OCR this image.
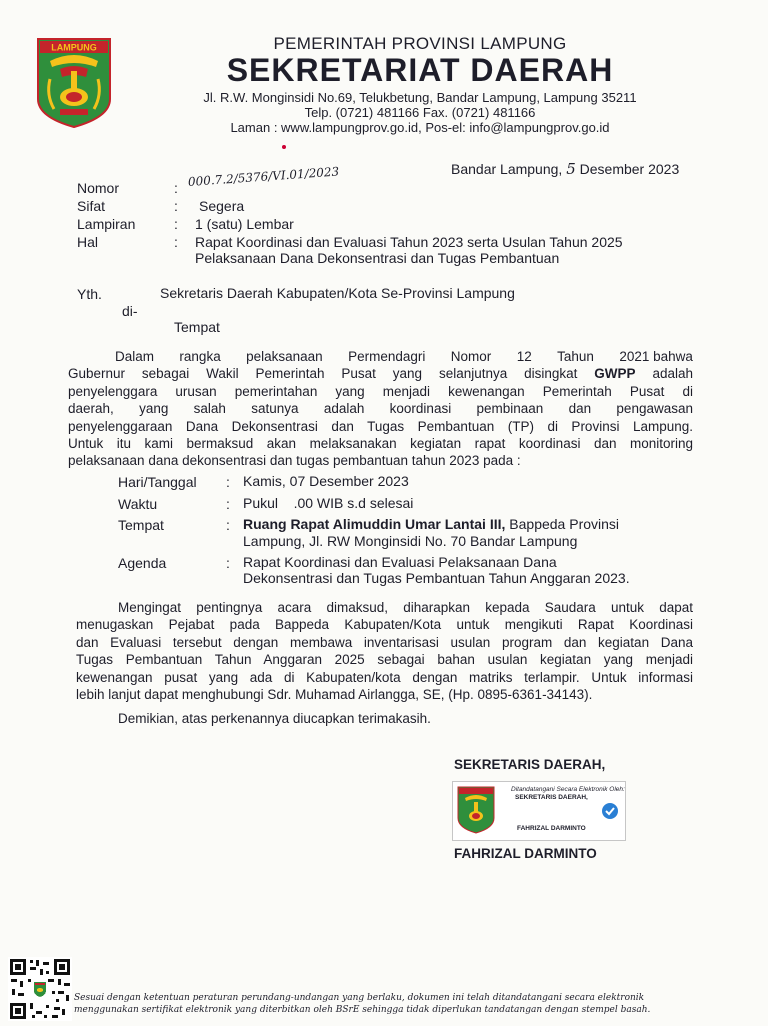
LAMPUNG	PEMERINTAH PROVINSI LAMPUNG
SEKRETARIAT DAERAH
Jl. R.W. Monginsidi No.69, Telukbetung, Bandar Lampung, Lampung 35211
Telp. (0721) 481166 Fax. (0721) 481166
Laman : www.lampungprov.go.id, Pos-el: info@lampungprov.go.id
Bandar Lampung, 5 Desember 2023
Nomor	: 000.7.2/5376/VI.01/2023
Sifat	: Segera
Lampiran	: 1 (satu) Lembar
Hal	: Rapat Koordinasi dan Evaluasi Tahun 2023 serta Usulan Tahun 2025
Pelaksanaan Dana Dekonsentrasi dan Tugas Pembantuan
Yth.	Sekretaris Daerah Kabupaten/Kota Se-Provinsi Lampung
di-
Tempat

Dalam rangka pelaksanaan Permendagri Nomor 12 Tahun 2021 bahwa

Gubernur sebagai Wakil Pemerintah Pusat yang selanjutnya disingkat GWPP adalah

penyelenggara urusan pemerintahan yang menjadi kewenangan Pemerintah Pusat di

daerah, yang salah satunya adalah koordinasi pembinaan dan pengawasan

penyelenggaraan Dana Dekonsentrasi dan Tugas Pembantuan (TP) di Provinsi Lampung.

Untuk itu kami bermaksud akan melaksanakan kegiatan rapat koordinasi dan monitoring

pelaksanaan dana dekonsentrasi dan tugas pembantuan tahun 2023 pada :

Hari/Tanggal : Kamis, 07 Desember 2023
Waktu	: Pukul    .00 WIB s.d selesai
Tempat	: Ruang Rapat Alimuddin Umar Lantai III, Bappeda Provinsi
Lampung, Jl. RW Monginsidi No. 70 Bandar Lampung
Agenda	: Rapat Koordinasi dan Evaluasi Pelaksanaan Dana
Dekonsentrasi dan Tugas Pembantuan Tahun Anggaran 2023.

Mengingat pentingnya acara dimaksud, diharapkan kepada Saudara untuk dapat

menugaskan Pejabat pada Bappeda Kabupaten/Kota untuk mengikuti Rapat Koordinasi

dan Evaluasi tersebut dengan membawa inventarisasi usulan program dan kegiatan Dana

Tugas Pembantuan Tahun Anggaran 2025 sebagai bahan usulan kegiatan yang menjadi

kewenangan pusat yang ada di Kabupaten/kota dengan matriks terlampir. Untuk informasi

lebih lanjut dapat menghubungi Sdr. Muhamad Airlangga, SE, (Hp. 0895-6361-34143).

Demikian, atas perkenannya diucapkan terimakasih.
SEKRETARIS DAERAH,
Ditandatangani Secara Elektronik Oleh:
SEKRETARIS DAERAH,
FAHRIZAL DARMINTO
FAHRIZAL DARMINTO
Sesuai dengan ketentuan peraturan perundang-undangan yang berlaku, dokumen ini telah ditandatangani secara elektronik
menggunakan sertifikat elektronik yang diterbitkan oleh BSrE sehingga tidak diperlukan tandatangan dengan stempel basah.
